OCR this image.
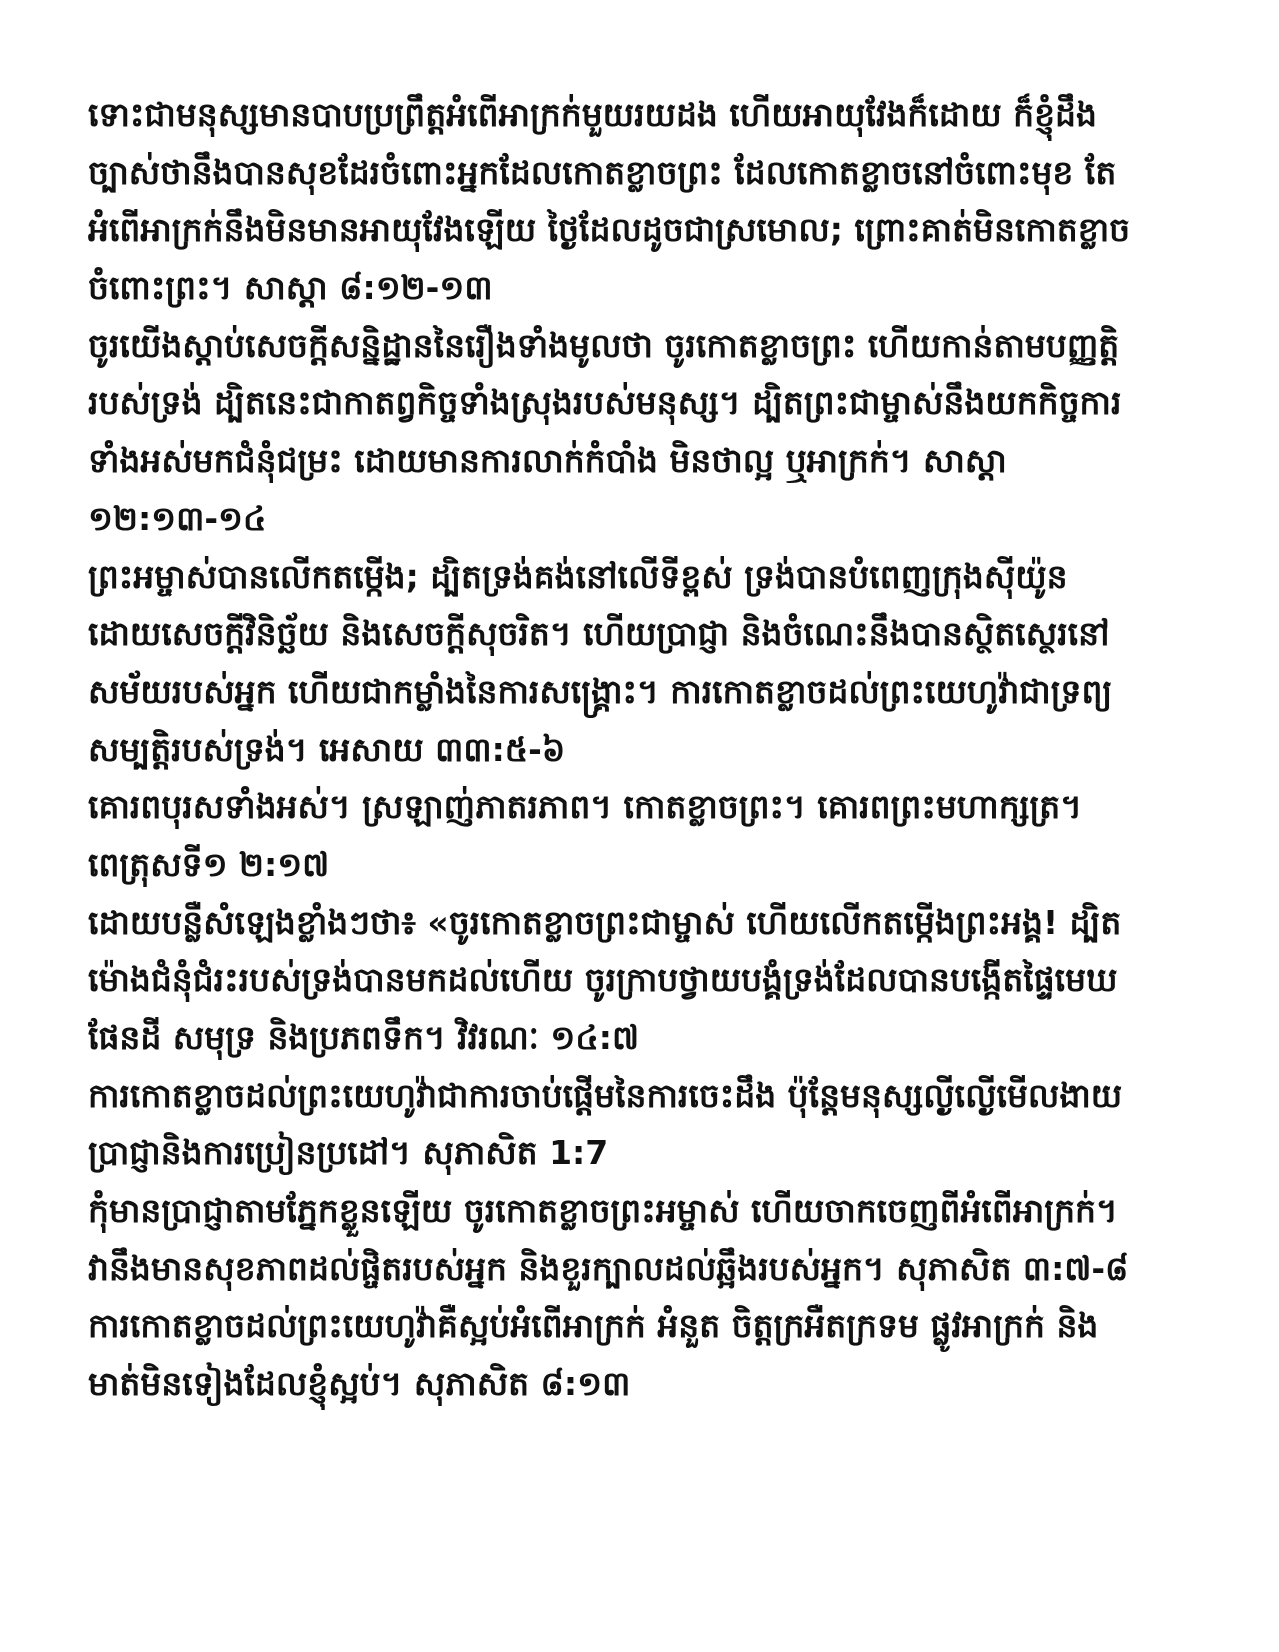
ទោះជាមនុស្សមានបាបប្រព្រឹត្តអំពើអាក្រក់មួយរយដង ហើយអាយុវែងក៏ដោយ ក៏ខ្ញុំដឹង
ច្បាស់ថានឹងបានសុខដែរចំពោះអ្នកដែលកោតខ្លាចព្រះ ដែលកោតខ្លាចនៅចំពោះមុខ តែ
អំពើអាក្រក់នឹងមិនមានអាយុវែងឡើយ ថ្ងៃដែលដូចជាស្រមោល; ព្រោះគាត់មិនកោតខ្លាច
ចំពោះព្រះ។ សាស្តា ៨:១២-១៣
ចូរយើងស្តាប់សេចក្តីសន្និដ្ឋាននៃរឿងទាំងមូលថា ចូរកោតខ្លាចព្រះ ហើយកាន់តាមបញ្ញត្តិ
របស់ទ្រង់ ដ្បិតនេះជាកាតព្វកិច្ចទាំងស្រុងរបស់មនុស្ស។ ដ្បិតព្រះជាម្ចាស់នឹងយកកិច្ចការ
ទាំងអស់មកជំនុំជម្រះ ដោយមានការលាក់កំបាំង មិនថាល្អ ឬអាក្រក់។ សាស្តា
១២:១៣-១៤
ព្រះអម្ចាស់បានលើកតម្កើង; ដ្បិតទ្រង់គង់នៅលើទីខ្ពស់ ទ្រង់បានបំពេញក្រុងស៊ីយ៉ូន
ដោយសេចក្តីវិនិច្ឆ័យ និងសេចក្តីសុចរិត។ ហើយប្រាជ្ញា និងចំណេះនឹងបានស្ថិតស្ថេរនៅ
សម័យរបស់អ្នក ហើយជាកម្លាំងនៃការសង្គ្រោះ។ ការកោតខ្លាចដល់ព្រះយេហូវ៉ាជាទ្រព្យ
សម្បត្តិរបស់ទ្រង់។ អេសាយ ៣៣:៥-៦
គោរពបុរសទាំងអស់។ ស្រឡាញ់ភាតរភាព។ កោតខ្លាចព្រះ។ គោរពព្រះមហាក្សត្រ។
ពេត្រុសទី១ ២:១៧
ដោយបន្លឺសំឡេងខ្លាំងៗថា៖ «ចូរកោតខ្លាចព្រះជាម្ចាស់ ហើយលើកតម្កើងព្រះអង្គ! ដ្បិត
ម៉ោងជំនុំជំរះរបស់ទ្រង់បានមកដល់ហើយ ចូរក្រាបថ្វាយបង្គំទ្រង់ដែលបានបង្កើតផ្ទៃមេឃ
ផែនដី សមុទ្រ និងប្រភពទឹក។ វិវរណៈ ១៤:៧
ការកោតខ្លាចដល់ព្រះយេហូវ៉ាជាការចាប់ផ្តើមនៃការចេះដឹង ប៉ុន្តែមនុស្សល្ងីល្ងើមើលងាយ
ប្រាជ្ញានិងការប្រៀនប្រដៅ។ សុភាសិត 1:7
កុំមានប្រាជ្ញាតាមភ្នែកខ្លួនឡើយ ចូរកោតខ្លាចព្រះអម្ចាស់ ហើយចាកចេញពីអំពើអាក្រក់។
វានឹងមានសុខភាពដល់ផ្ចិតរបស់អ្នក និងខួរក្បាលដល់ឆ្អឹងរបស់អ្នក។ សុភាសិត ៣:៧-៨
ការកោតខ្លាចដល់ព្រះយេហូវ៉ាគឺស្អប់អំពើអាក្រក់ អំនួត ចិត្តក្រអឺតក្រទម ផ្លូវអាក្រក់ និង
មាត់មិនទៀងដែលខ្ញុំស្អប់។ សុភាសិត ៨:១៣
